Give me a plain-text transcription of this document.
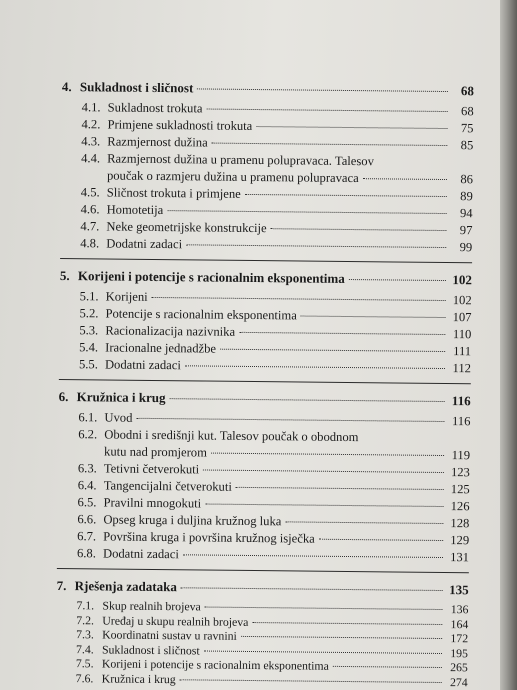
4. Sukladnost i sličnost	68
4.1. Sukladnost trokuta	68
4.2. Primjene sukladnosti trokuta	75
4.3. Razmjernost dužina	85
4.4. Razmjernost dužina u pramenu polupravaca. Talesov
poučak o razmjeru dužina u pramenu polupravaca	86
4.5. Sličnost trokuta i primjene	89
4.6. Homotetija	94
4.7. Neke geometrijske konstrukcije	97
4.8. Dodatni zadaci	99
5. Korijeni i potencije s racionalnim eksponentima	102
5.1. Korijeni	102
5.2. Potencije s racionalnim eksponentima	107
5.3. Racionalizacija nazivnika	110
5.4. Iracionalne jednadžbe	111
5.5. Dodatni zadaci	112
6. Kružnica i krug	116
6.1. Uvod	116
6.2. Obodni i središnji kut. Talesov poučak o obodnom
kutu nad promjerom	119
6.3. Tetivni četverokuti	123
6.4. Tangencijalni četverokuti	125
6.5. Pravilni mnogokuti	126
6.6. Opseg kruga i duljina kružnog luka	128
6.7. Površina kruga i površina kružnog isječka	129
6.8. Dodatni zadaci	131
7. Rješenja zadataka	135
7.1. Skup realnih brojeva	136
7.2. Uređaj u skupu realnih brojeva	164
7.3. Koordinatni sustav u ravnini	172
7.4. Sukladnost i sličnost	195
7.5. Korijeni i potencije s racionalnim eksponentima	265
7.6. Kružnica i krug	274
